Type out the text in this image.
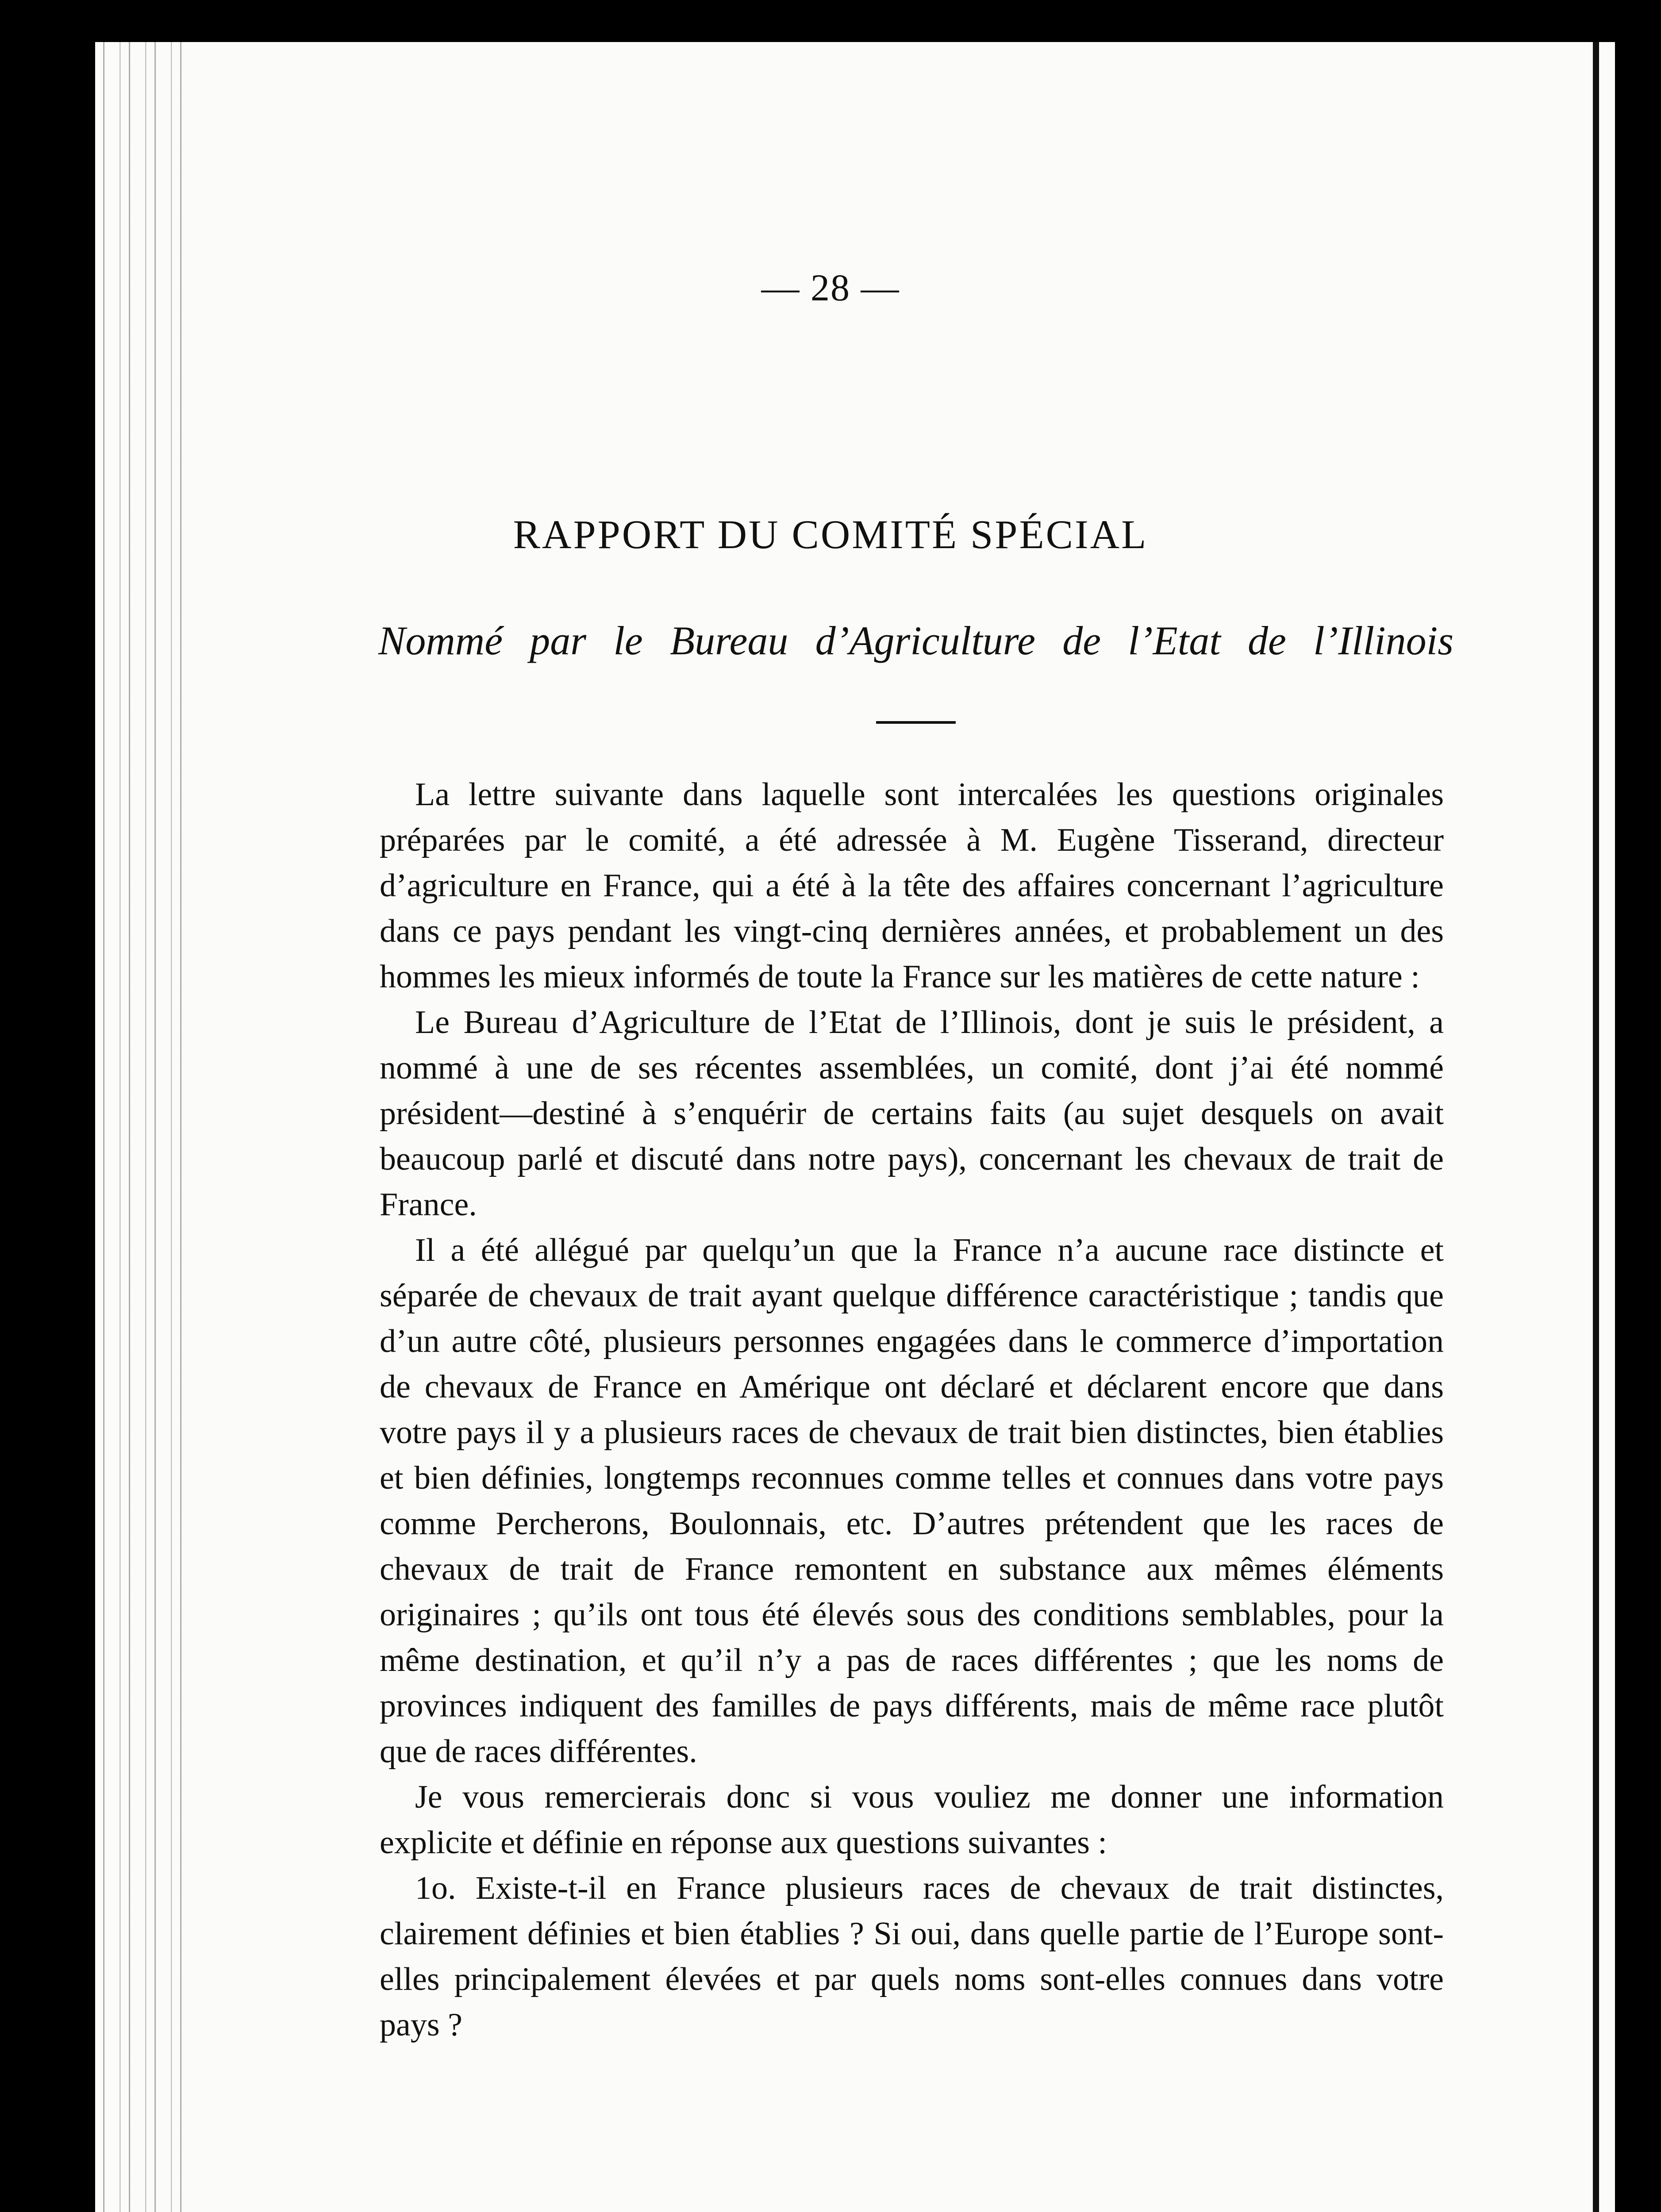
— 28 —
RAPPORT DU COMITÉ SPÉCIAL
Nommé par le Bureau d’Agriculture de l’Etat de l’Illinois

La lettre suivante dans laquelle sont intercalées les questions originales préparées par le comité, a été adressée à M. Eugène Tisserand, directeur d’agriculture en France, qui a été à la tête des affaires concernant l’agriculture dans ce pays pendant les vingt-cinq dernières années, et probablement un des hommes les mieux informés de toute la France sur les matières de cette nature :

Le Bureau d’Agriculture de l’Etat de l’Illinois, dont je suis le président, a nommé à une de ses récentes assemblées, un comité, dont j’ai été nommé président—destiné à s’enquérir de certains faits (au sujet desquels on avait beaucoup parlé et discuté dans notre pays), concernant les chevaux de trait de France.

Il a été allégué par quelqu’un que la France n’a aucune race distincte et séparée de chevaux de trait ayant quelque différence caractéristique ; tandis que d’un autre côté, plusieurs personnes engagées dans le commerce d’importation de chevaux de France en Amérique ont déclaré et déclarent encore que dans votre pays il y a plusieurs races de chevaux de trait bien distinctes, bien établies et bien définies, longtemps reconnues comme telles et connues dans votre pays comme Percherons, Boulonnais, etc. D’autres prétendent que les races de chevaux de trait de France remontent en substance aux mêmes éléments originaires ; qu’ils ont tous été élevés sous des conditions semblables, pour la même destination, et qu’il n’y a pas de races différentes ; que les noms de provinces indiquent des familles de pays différents, mais de même race plutôt que de races différentes.

Je vous remercierais donc si vous vouliez me donner une information explicite et définie en réponse aux questions suivantes :

1o. Existe-t-il en France plusieurs races de chevaux de trait distinctes, clairement définies et bien établies ? Si oui, dans quelle partie de l’Europe sont-elles principalement élevées et par quels noms sont-elles connues dans votre pays ?
